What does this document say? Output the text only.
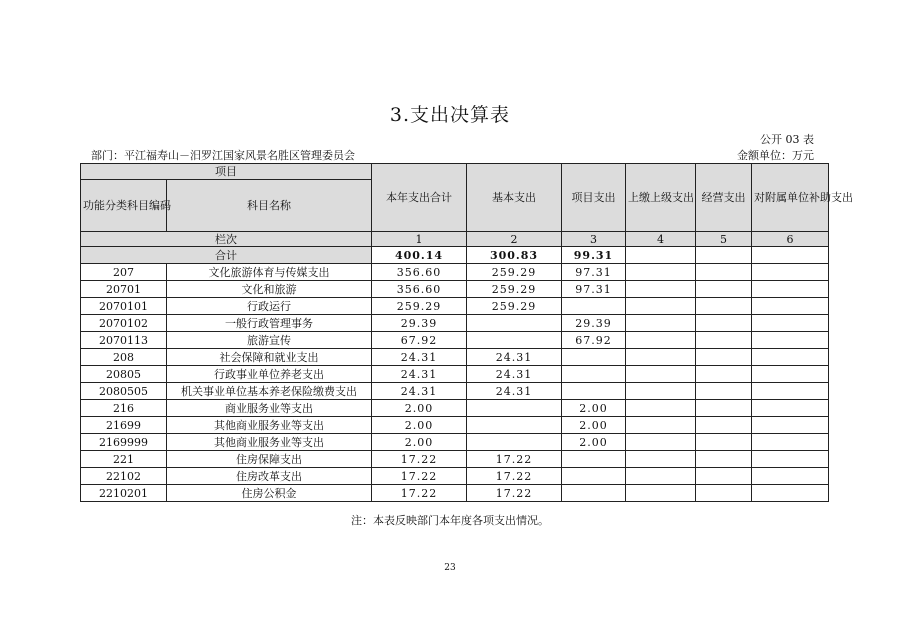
3.支出决算表
公开 03 表
部门：平江福寿山－汨罗江国家风景名胜区管理委员会	金额单位：万元
项目		本年支出合计	基本支出	项目支出	上缴上级支出	经营支出	对附属单位补助支出
功能分类科目编码	科目名称						
栏次		1	2	3	4	5	6
合计		400.14	300.83	99.31			
207	文化旅游体育与传媒支出	356.60	259.29	97.31			
20701	文化和旅游	356.60	259.29	97.31			
2070101	行政运行	259.29	259.29				
2070102	一般行政管理事务	29.39		29.39			
2070113	旅游宣传	67.92		67.92			
208	社会保障和就业支出	24.31	24.31				
20805	行政事业单位养老支出	24.31	24.31				
2080505	机关事业单位基本养老保险缴费支出	24.31	24.31				
216	商业服务业等支出	2.00		2.00			
21699	其他商业服务业等支出	2.00		2.00			
2169999	其他商业服务业等支出	2.00		2.00			
221	住房保障支出	17.22	17.22				
22102	住房改革支出	17.22	17.22				
2210201	住房公积金	17.22	17.22				
注：本表反映部门本年度各项支出情况。
23
